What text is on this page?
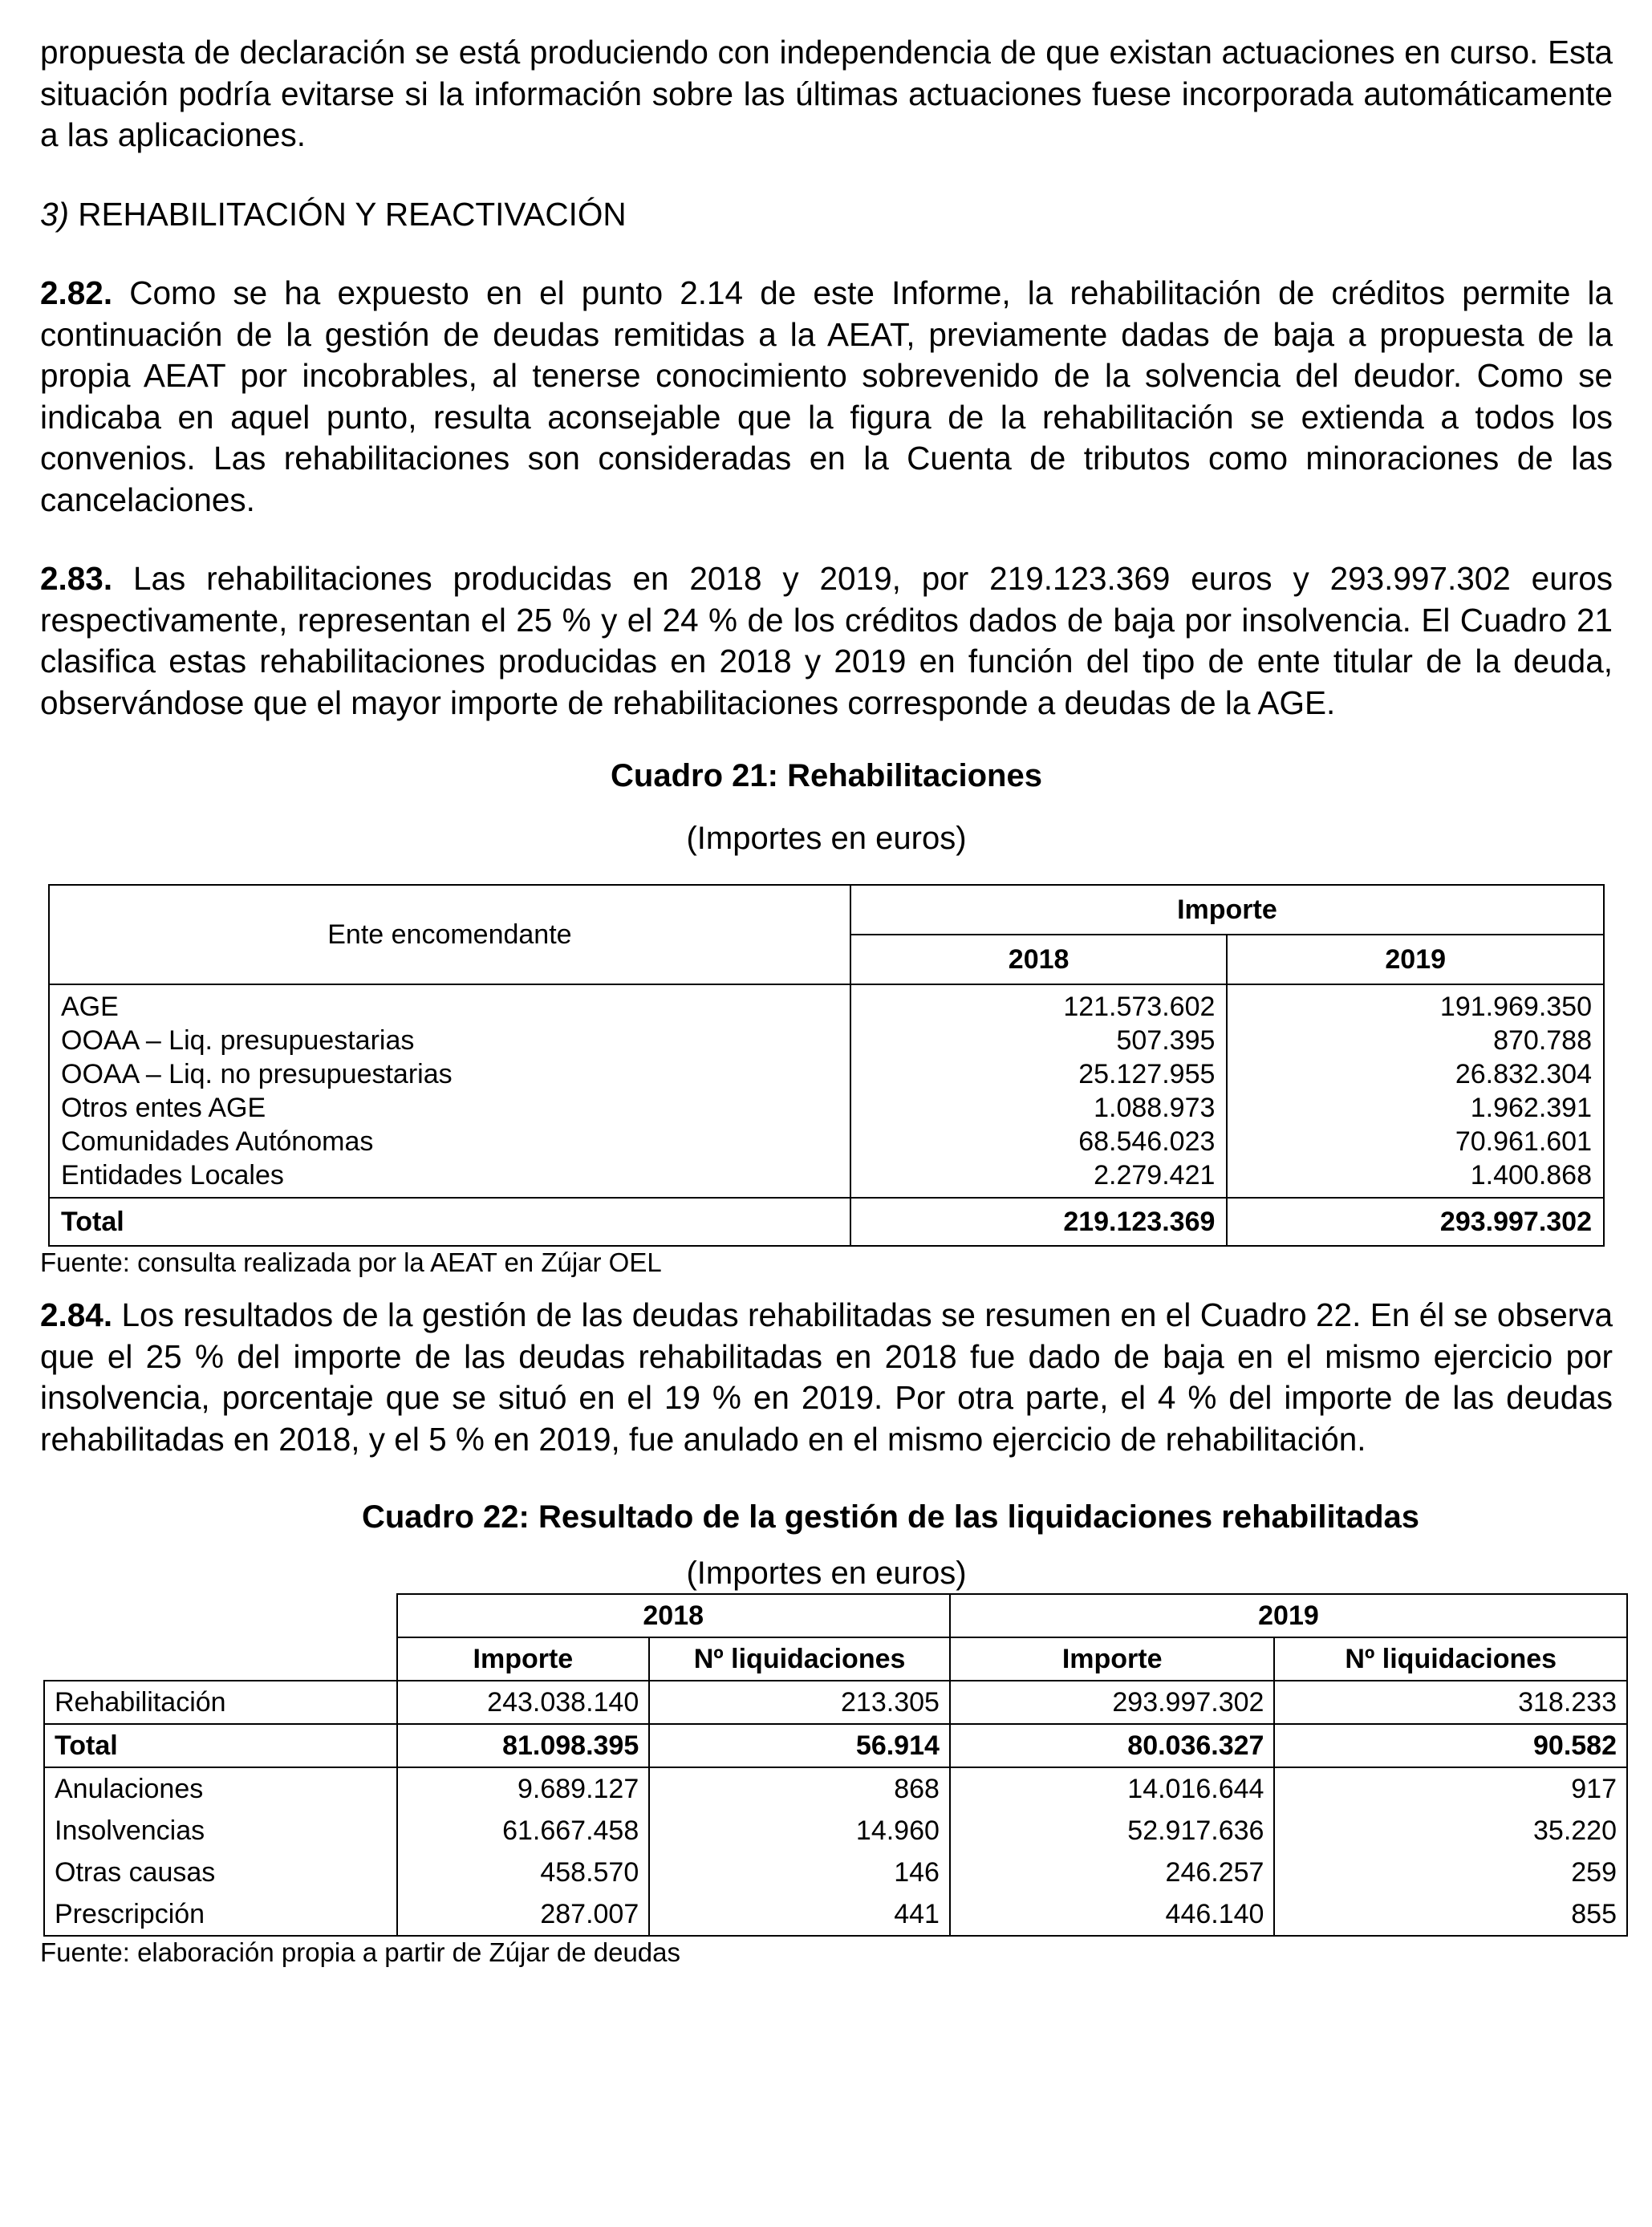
propuesta de declaración se está produciendo con independencia de que existan actuaciones en curso. Esta situación podría evitarse si la información sobre las últimas actuaciones fuese incorporada automáticamente a las aplicaciones.

3) REHABILITACIÓN Y REACTIVACIÓN

2.82. Como se ha expuesto en el punto 2.14 de este Informe, la rehabilitación de créditos permite la continuación de la gestión de deudas remitidas a la AEAT, previamente dadas de baja a propuesta de la propia AEAT por incobrables, al tenerse conocimiento sobrevenido de la solvencia del deudor. Como se indicaba en aquel punto, resulta aconsejable que la figura de la rehabilitación se extienda a todos los convenios. Las rehabilitaciones son consideradas en la Cuenta de tributos como minoraciones de las cancelaciones.

2.83. Las rehabilitaciones producidas en 2018 y 2019, por 219.123.369 euros y 293.997.302 euros respectivamente, representan el 25 % y el 24 % de los créditos dados de baja por insolvencia. El Cuadro 21 clasifica estas rehabilitaciones producidas en 2018 y 2019 en función del tipo de ente titular de la deuda, observándose que el mayor importe de rehabilitaciones corresponde a deudas de la AGE.

Cuadro 21: Rehabilitaciones

(Importes en euros)

Ente encomendante	Importe	
	2018	2019
AGE	121.573.602	191.969.350
OOAA – Liq. presupuestarias	507.395	870.788
OOAA – Liq. no presupuestarias	25.127.955	26.832.304
Otros entes AGE	1.088.973	1.962.391
Comunidades Autónomas	68.546.023	70.961.601
Entidades Locales	2.279.421	1.400.868
Total	219.123.369	293.997.302

Fuente: consulta realizada por la AEAT en Zújar OEL

2.84. Los resultados de la gestión de las deudas rehabilitadas se resumen en el Cuadro 22. En él se observa que el 25 % del importe de las deudas rehabilitadas en 2018 fue dado de baja en el mismo ejercicio por insolvencia, porcentaje que se situó en el 19 % en 2019. Por otra parte, el 4 % del importe de las deudas rehabilitadas en 2018, y el 5 % en 2019, fue anulado en el mismo ejercicio de rehabilitación.

Cuadro 22: Resultado de la gestión de las liquidaciones rehabilitadas

(Importes en euros)

	2018		2019	
	Importe	Nº liquidaciones	Importe	Nº liquidaciones
Rehabilitación	243.038.140	213.305	293.997.302	318.233
Total	81.098.395	56.914	80.036.327	90.582
Anulaciones	9.689.127	868	14.016.644	917
Insolvencias	61.667.458	14.960	52.917.636	35.220
Otras causas	458.570	146	246.257	259
Prescripción	287.007	441	446.140	855

Fuente: elaboración propia a partir de Zújar de deudas
